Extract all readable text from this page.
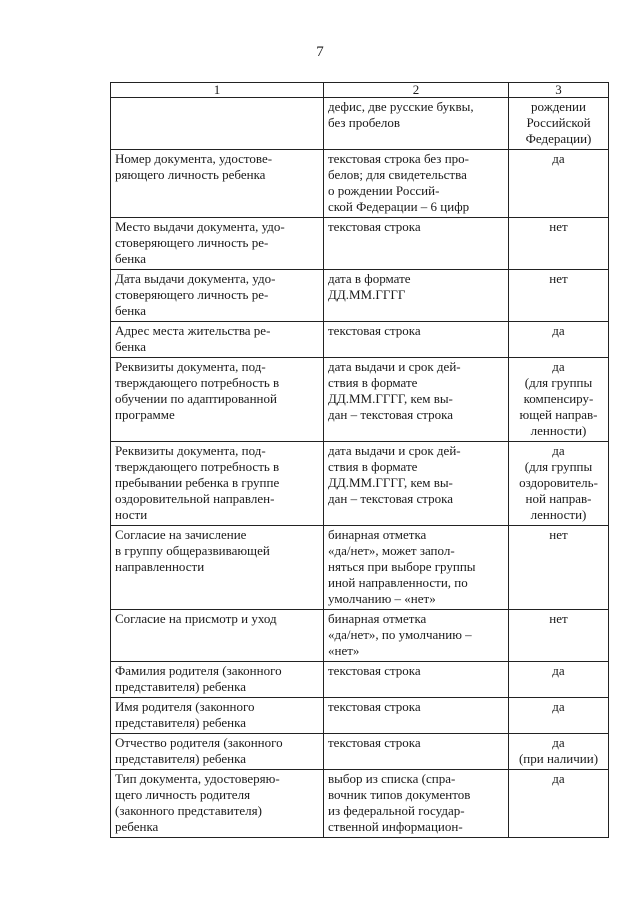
7
1	2	3

	дефис, две русские буквы,
без пробелов	рождении
Российской
Федерации)

Номер документа, удостове-
ряющего личность ребенка	текстовая строка без про-
белов; для свидетельства
о рождении Россий-
ской Федерации – 6 цифр	да

Место выдачи документа, удо-
стоверяющего личность ре-
бенка	текстовая строка	нет

Дата выдачи документа, удо-
стоверяющего личность ре-
бенка	дата в формате
ДД.ММ.ГГГГ	нет

Адрес места жительства ре-
бенка	текстовая строка	да

Реквизиты документа, под-
тверждающего потребность в
обучении по адаптированной
программе	дата выдачи и срок дей-
ствия в формате
ДД.ММ.ГГГГ, кем вы-
дан – текстовая строка	да
(для группы
компенсиру-
ющей направ-
ленности)

Реквизиты документа, под-
тверждающего потребность в
пребывании ребенка в группе
оздоровительной направлен-
ности	дата выдачи и срок дей-
ствия в формате
ДД.ММ.ГГГГ, кем вы-
дан – текстовая строка	да
(для группы
оздоровитель-
ной направ-
ленности)

Согласие на зачисление
в группу общеразвивающей
направленности	бинарная отметка
«да/нет», может запол-
няться при выборе группы
иной направленности, по
умолчанию – «нет»	нет

Согласие на присмотр и уход	бинарная отметка
«да/нет», по умолчанию –
«нет»	нет

Фамилия родителя (законного
представителя) ребенка	текстовая строка	да

Имя родителя (законного
представителя) ребенка	текстовая строка	да

Отчество родителя (законного
представителя) ребенка	текстовая строка	да
(при наличии)

Тип документа, удостоверяю-
щего личность родителя
(законного представителя)
ребенка	выбор из списка (спра-
вочник типов документов
из федеральной государ-
ственной информацион-	да
